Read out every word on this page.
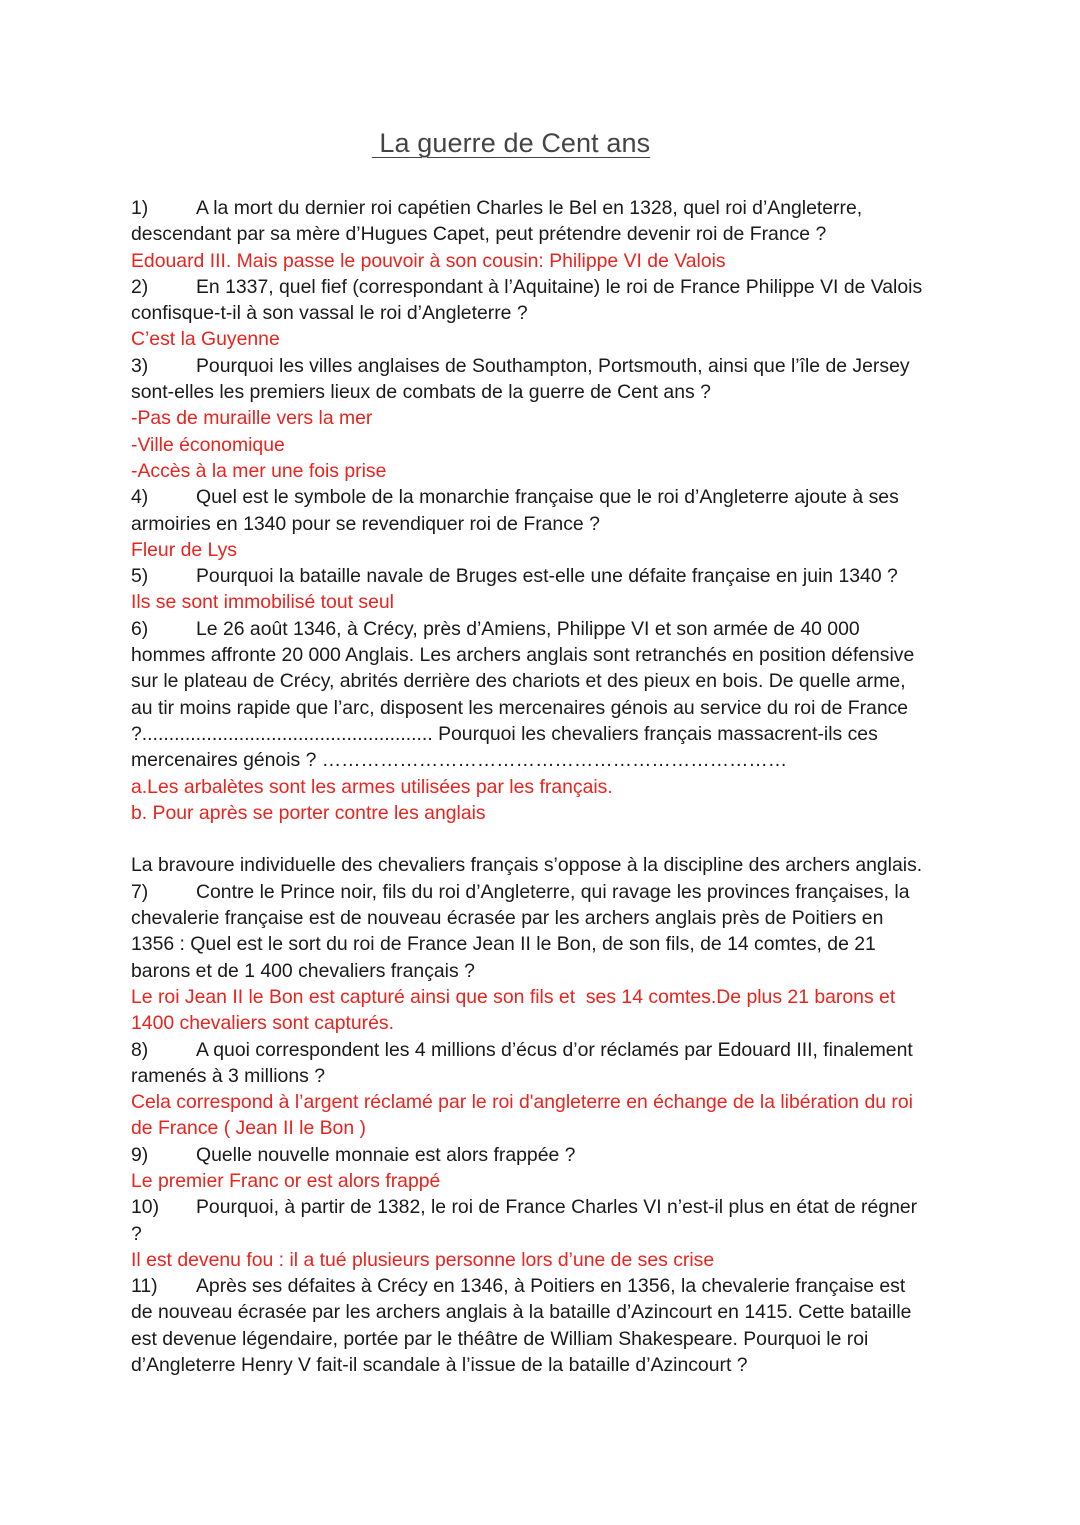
La guerre de Cent ans
1) A la mort du dernier roi capétien Charles le Bel en 1328, quel roi d’Angleterre,
descendant par sa mère d’Hugues Capet, peut prétendre devenir roi de France ?
Edouard III. Mais passe le pouvoir à son cousin: Philippe VI de Valois
2) En 1337, quel fief (correspondant à l’Aquitaine) le roi de France Philippe VI de Valois
confisque-t-il à son vassal le roi d’Angleterre ?
C’est la Guyenne
3) Pourquoi les villes anglaises de Southampton, Portsmouth, ainsi que l’île de Jersey
sont-elles les premiers lieux de combats de la guerre de Cent ans ?
-Pas de muraille vers la mer
-Ville économique
-Accès à la mer une fois prise
4) Quel est le symbole de la monarchie française que le roi d’Angleterre ajoute à ses
armoiries en 1340 pour se revendiquer roi de France ?
Fleur de Lys
5) Pourquoi la bataille navale de Bruges est-elle une défaite française en juin 1340 ?
Ils se sont immobilisé tout seul
6) Le 26 août 1346, à Crécy, près d’Amiens, Philippe VI et son armée de 40 000
hommes affronte 20 000 Anglais. Les archers anglais sont retranchés en position défensive
sur le plateau de Crécy, abrités derrière des chariots et des pieux en bois. De quelle arme,
au tir moins rapide que l’arc, disposent les mercenaires génois au service du roi de France
?...................................................... Pourquoi les chevaliers français massacrent-ils ces
mercenaires génois ? ………………………………………………………………
a.Les arbalètes sont les armes utilisées par les français.
b. Pour après se porter contre les anglais
La bravoure individuelle des chevaliers français s’oppose à la discipline des archers anglais.
7) Contre le Prince noir, fils du roi d’Angleterre, qui ravage les provinces françaises, la
chevalerie française est de nouveau écrasée par les archers anglais près de Poitiers en
1356 : Quel est le sort du roi de France Jean II le Bon, de son fils, de 14 comtes, de 21
barons et de 1 400 chevaliers français ?
Le roi Jean II le Bon est capturé ainsi que son fils et  ses 14 comtes.De plus 21 barons et
1400 chevaliers sont capturés.
8) A quoi correspondent les 4 millions d’écus d’or réclamés par Edouard III, finalement
ramenés à 3 millions ?
Cela correspond à l’argent réclamé par le roi d'angleterre en échange de la libération du roi
de France ( Jean II le Bon )
9) Quelle nouvelle monnaie est alors frappée ?
Le premier Franc or est alors frappé
10) Pourquoi, à partir de 1382, le roi de France Charles VI n’est-il plus en état de régner
?
Il est devenu fou : il a tué plusieurs personne lors d’une de ses crise
11) Après ses défaites à Crécy en 1346, à Poitiers en 1356, la chevalerie française est
de nouveau écrasée par les archers anglais à la bataille d’Azincourt en 1415. Cette bataille
est devenue légendaire, portée par le théâtre de William Shakespeare. Pourquoi le roi
d’Angleterre Henry V fait-il scandale à l’issue de la bataille d’Azincourt ?
